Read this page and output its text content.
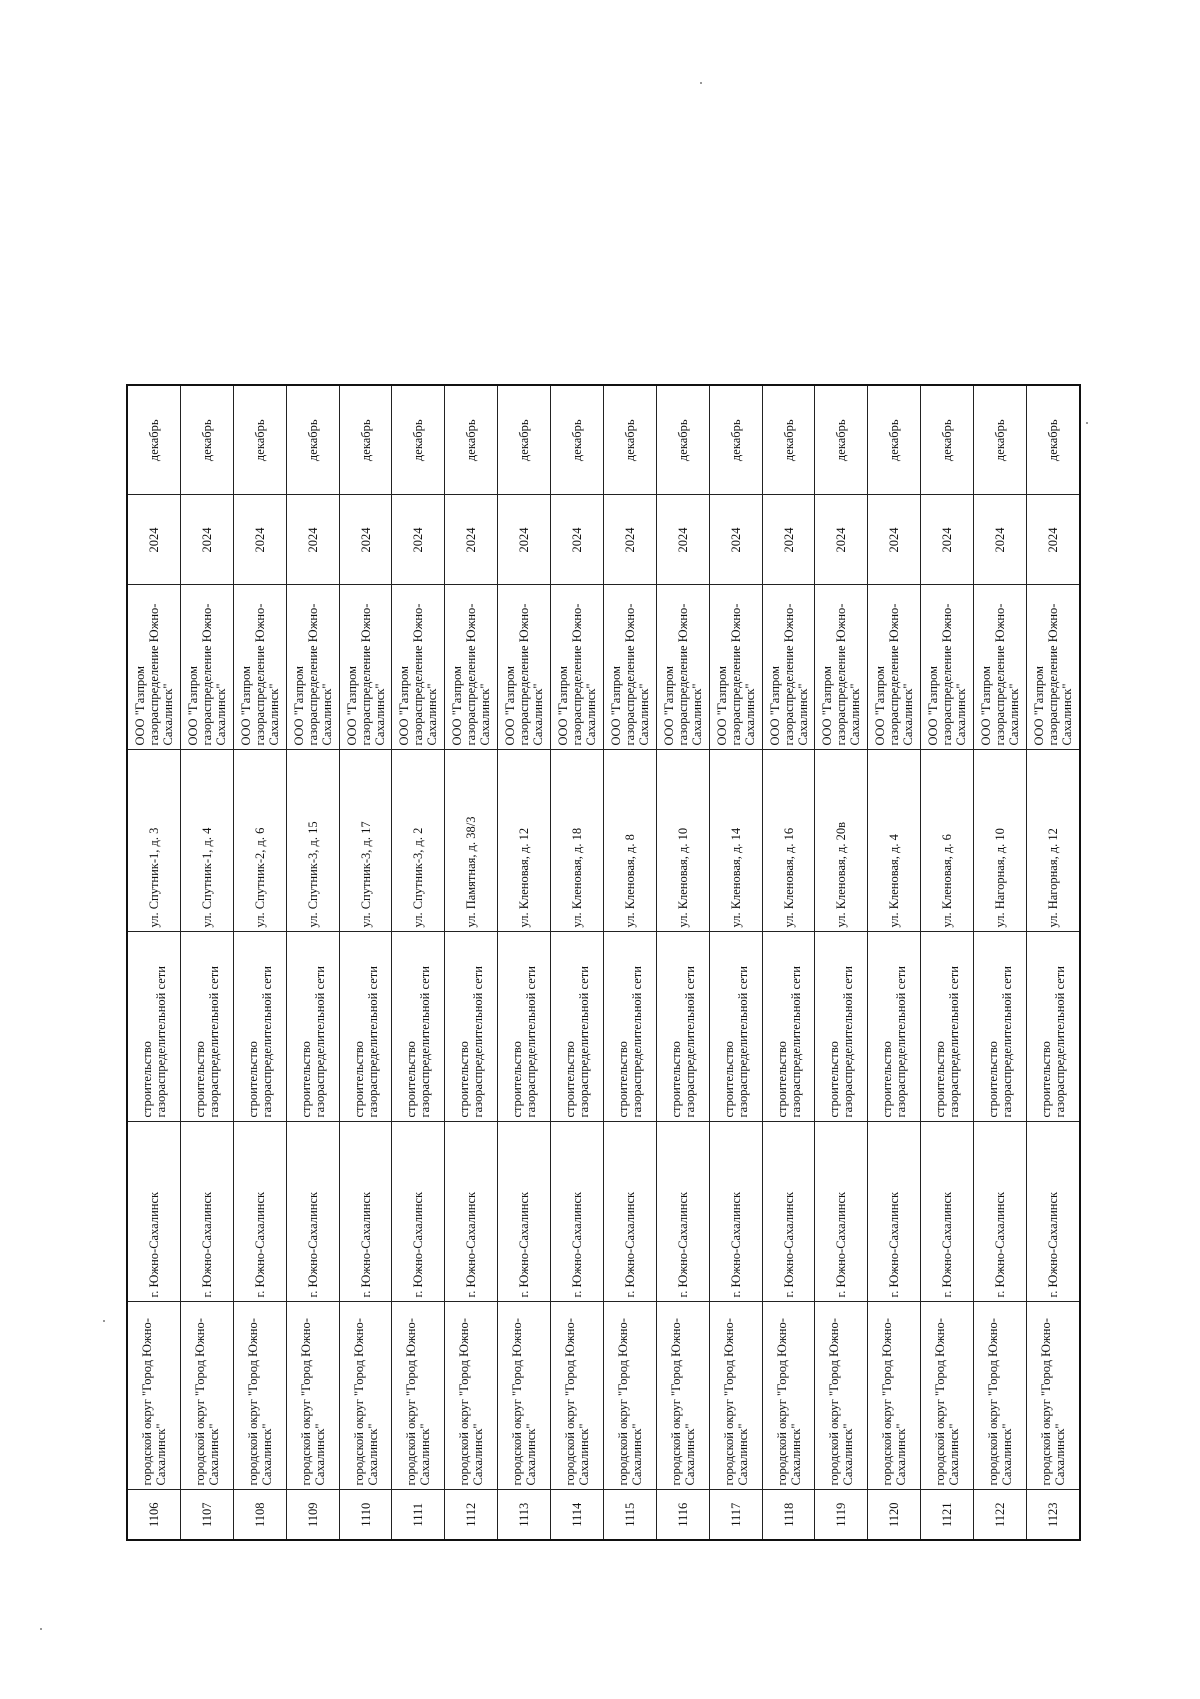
1106	городской округ "Город Южно-Сахалинск"	г. Южно-Сахалинск	строительство газораспределительной сети	ул. Спутник-1, д. 3	ООО "Газпром газораспределение Южно-Сахалинск"	2024	декабрь
1107	городской округ "Город Южно-Сахалинск"	г. Южно-Сахалинск	строительство газораспределительной сети	ул. Спутник-1, д. 4	ООО "Газпром газораспределение Южно-Сахалинск"	2024	декабрь
1108	городской округ "Город Южно-Сахалинск"	г. Южно-Сахалинск	строительство газораспределительной сети	ул. Спутник-2, д. 6	ООО "Газпром газораспределение Южно-Сахалинск"	2024	декабрь
1109	городской округ "Город Южно-Сахалинск"	г. Южно-Сахалинск	строительство газораспределительной сети	ул. Спутник-3, д. 15	ООО "Газпром газораспределение Южно-Сахалинск"	2024	декабрь
1110	городской округ "Город Южно-Сахалинск"	г. Южно-Сахалинск	строительство газораспределительной сети	ул. Спутник-3, д. 17	ООО "Газпром газораспределение Южно-Сахалинск"	2024	декабрь
1111	городской округ "Город Южно-Сахалинск"	г. Южно-Сахалинск	строительство газораспределительной сети	ул. Спутник-3, д. 2	ООО "Газпром газораспределение Южно-Сахалинск"	2024	декабрь
1112	городской округ "Город Южно-Сахалинск"	г. Южно-Сахалинск	строительство газораспределительной сети	ул. Памятная, д. 38/3	ООО "Газпром газораспределение Южно-Сахалинск"	2024	декабрь
1113	городской округ "Город Южно-Сахалинск"	г. Южно-Сахалинск	строительство газораспределительной сети	ул. Кленовая, д. 12	ООО "Газпром газораспределение Южно-Сахалинск"	2024	декабрь
1114	городской округ "Город Южно-Сахалинск"	г. Южно-Сахалинск	строительство газораспределительной сети	ул. Кленовая, д. 18	ООО "Газпром газораспределение Южно-Сахалинск"	2024	декабрь
1115	городской округ "Город Южно-Сахалинск"	г. Южно-Сахалинск	строительство газораспределительной сети	ул. Кленовая, д. 8	ООО "Газпром газораспределение Южно-Сахалинск"	2024	декабрь
1116	городской округ "Город Южно-Сахалинск"	г. Южно-Сахалинск	строительство газораспределительной сети	ул. Кленовая, д. 10	ООО "Газпром газораспределение Южно-Сахалинск"	2024	декабрь
1117	городской округ "Город Южно-Сахалинск"	г. Южно-Сахалинск	строительство газораспределительной сети	ул. Кленовая, д. 14	ООО "Газпром газораспределение Южно-Сахалинск"	2024	декабрь
1118	городской округ "Город Южно-Сахалинск"	г. Южно-Сахалинск	строительство газораспределительной сети	ул. Кленовая, д. 16	ООО "Газпром газораспределение Южно-Сахалинск"	2024	декабрь
1119	городской округ "Город Южно-Сахалинск"	г. Южно-Сахалинск	строительство газораспределительной сети	ул. Кленовая, д. 20в	ООО "Газпром газораспределение Южно-Сахалинск"	2024	декабрь
1120	городской округ "Город Южно-Сахалинск"	г. Южно-Сахалинск	строительство газораспределительной сети	ул. Кленовая, д. 4	ООО "Газпром газораспределение Южно-Сахалинск"	2024	декабрь
1121	городской округ "Город Южно-Сахалинск"	г. Южно-Сахалинск	строительство газораспределительной сети	ул. Кленовая, д. 6	ООО "Газпром газораспределение Южно-Сахалинск"	2024	декабрь
1122	городской округ "Город Южно-Сахалинск"	г. Южно-Сахалинск	строительство газораспределительной сети	ул. Нагорная, д. 10	ООО "Газпром газораспределение Южно-Сахалинск"	2024	декабрь
1123	городской округ "Город Южно-Сахалинск"	г. Южно-Сахалинск	строительство газораспределительной сети	ул. Нагорная, д. 12	ООО "Газпром газораспределение Южно-Сахалинск"	2024	декабрь
